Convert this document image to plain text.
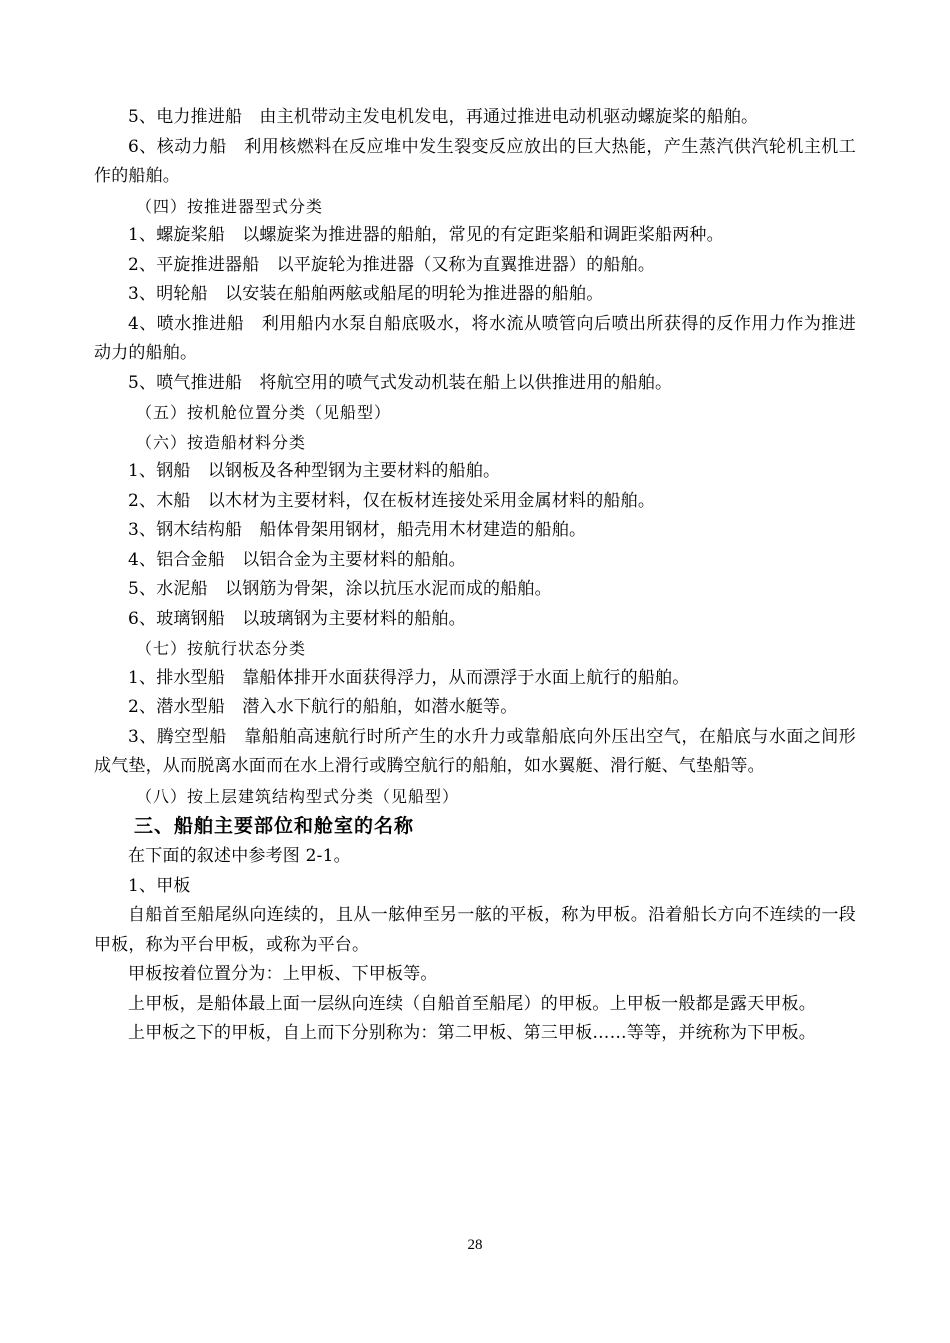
5、电力推进船　由主机带动主发电机发电，再通过推进电动机驱动螺旋桨的船舶。

6、核动力船　利用核燃料在反应堆中发生裂变反应放出的巨大热能，产生蒸汽供汽轮机主机工作的船舶。

（四）按推进器型式分类

1、螺旋桨船　以螺旋桨为推进器的船舶，常见的有定距桨船和调距桨船两种。

2、平旋推进器船　以平旋轮为推进器（又称为直翼推进器）的船舶。

3、明轮船　以安装在船舶两舷或船尾的明轮为推进器的船舶。

4、喷水推进船　利用船内水泵自船底吸水，将水流从喷管向后喷出所获得的反作用力作为推进动力的船舶。

5、喷气推进船　将航空用的喷气式发动机装在船上以供推进用的船舶。

（五）按机舱位置分类（见船型）

（六）按造船材料分类

1、钢船　以钢板及各种型钢为主要材料的船舶。

2、木船　以木材为主要材料，仅在板材连接处采用金属材料的船舶。

3、钢木结构船　船体骨架用钢材，船壳用木材建造的船舶。

4、铝合金船　以铝合金为主要材料的船舶。

5、水泥船　以钢筋为骨架，涂以抗压水泥而成的船舶。

6、玻璃钢船　以玻璃钢为主要材料的船舶。

（七）按航行状态分类

1、排水型船　靠船体排开水面获得浮力，从而漂浮于水面上航行的船舶。

2、潜水型船　潜入水下航行的船舶，如潜水艇等。

3、腾空型船　靠船舶高速航行时所产生的水升力或靠船底向外压出空气，在船底与水面之间形成气垫，从而脱离水面而在水上滑行或腾空航行的船舶，如水翼艇、滑行艇、气垫船等。

（八）按上层建筑结构型式分类（见船型）

三、船舶主要部位和舱室的名称

在下面的叙述中参考图 2-1。

1、甲板

自船首至船尾纵向连续的，且从一舷伸至另一舷的平板，称为甲板。沿着船长方向不连续的一段甲板，称为平台甲板，或称为平台。

甲板按着位置分为：上甲板、下甲板等。

上甲板，是船体最上面一层纵向连续（自船首至船尾）的甲板。上甲板一般都是露天甲板。

上甲板之下的甲板，自上而下分别称为：第二甲板、第三甲板……等等，并统称为下甲板。

28
